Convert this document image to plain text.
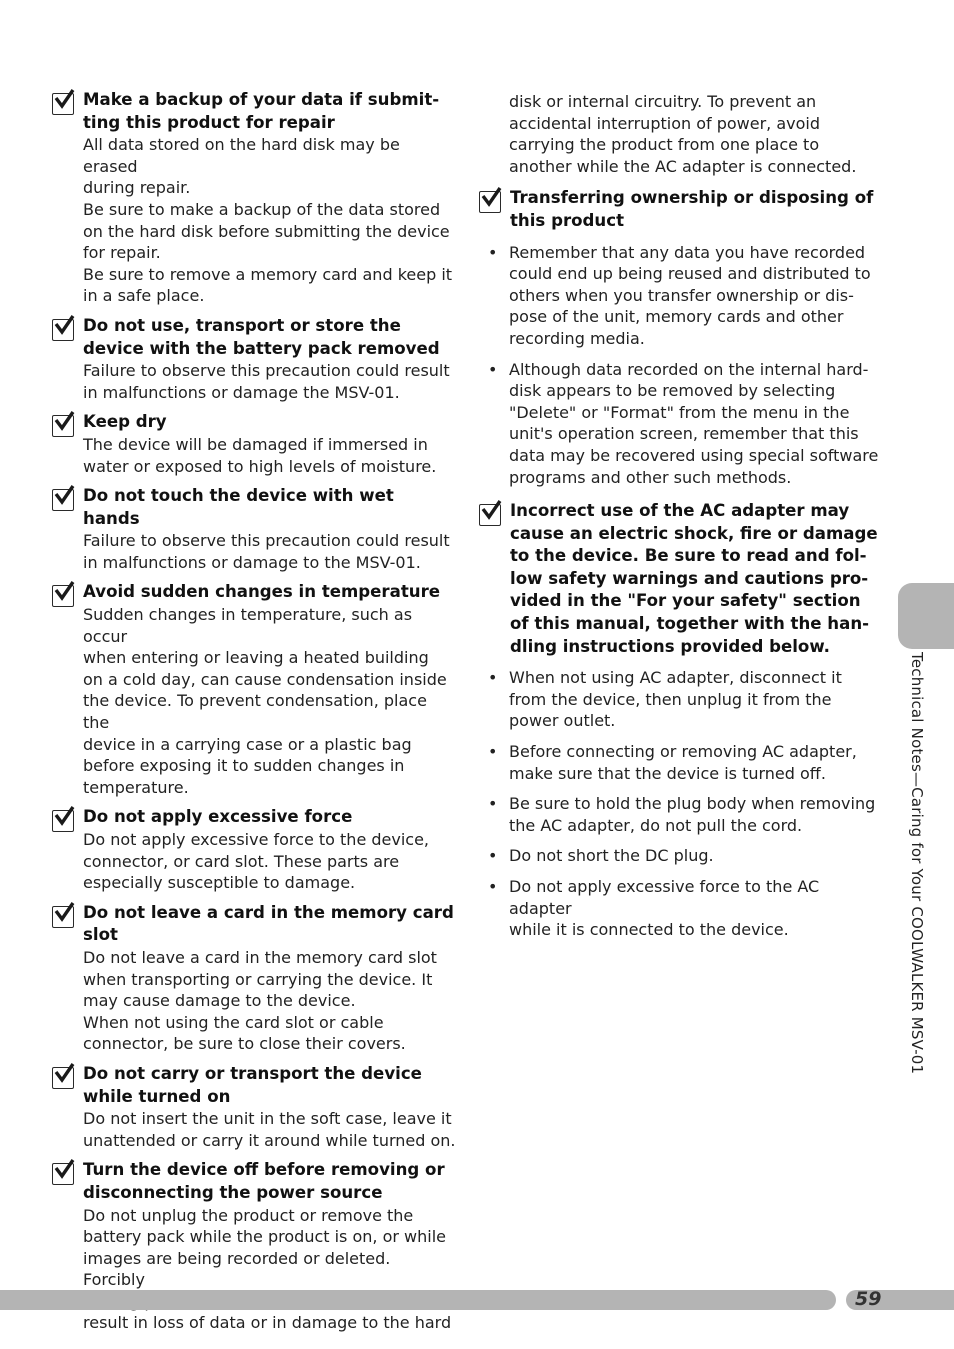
Make a backup of your data if submit-
ting this product for repair
All data stored on the hard disk may be erased
during repair.
Be sure to make a backup of the data stored
on the hard disk before submitting the device
for repair.
Be sure to remove a memory card and keep it
in a safe place.
Do not use, transport or store the
device with the battery pack removed
Failure to observe this precaution could result
in malfunctions or damage the MSV-01.
Keep dry
The device will be damaged if immersed in
water or exposed to high levels of moisture.
Do not touch the device with wet
hands
Failure to observe this precaution could result
in malfunctions or damage to the MSV-01.
Avoid sudden changes in temperature
Sudden changes in temperature, such as occur
when entering or leaving a heated building
on a cold day, can cause condensation inside
the device. To prevent condensation, place the
device in a carrying case or a plastic bag
before exposing it to sudden changes in
temperature.
Do not apply excessive force
Do not apply excessive force to the device,
connector, or card slot. These parts are
especially susceptible to damage.
Do not leave a card in the memory card
slot
Do not leave a card in the memory card slot
when transporting or carrying the device. It
may cause damage to the device.
When not using the card slot or cable
connector, be sure to close their covers.
Do not carry or transport the device
while turned on
Do not insert the unit in the soft case, leave it
unattended or carry it around while turned on.
Turn the device off before removing or
disconnecting the power source
Do not unplug the product or remove the
battery pack while the product is on, or while
images are being recorded or deleted. Forcibly

result in loss of data or in damage to the hard
disk or internal circuitry. To prevent an
accidental interruption of power, avoid
carrying the product from one place to
another while the AC adapter is connected.
Transferring ownership or disposing of
this product
• Remember that any data you have recorded
could end up being reused and distributed to
others when you transfer ownership or dis-
pose of the unit, memory cards and other
recording media.
• Although data recorded on the internal hard-
disk appears to be removed by selecting
"Delete" or "Format" from the menu in the
unit's operation screen, remember that this
data may be recovered using special software
programs and other such methods.
Incorrect use of the AC adapter may
cause an electric shock, fire or damage
to the device. Be sure to read and fol-
low safety warnings and cautions pro-
vided in the "For your safety" section
of this manual, together with the han-
dling instructions provided below.
• When not using AC adapter, disconnect it
from the device, then unplug it from the
power outlet.
• Before connecting or removing AC adapter,
make sure that the device is turned off.
• Be sure to hold the plug body when removing
the AC adapter, do not pull the cord.
• Do not short the DC plug.
• Do not apply excessive force to the AC adapter
while it is connected to the device.	Technical Notes—Caring for Your COOLWALKER MSV-01
59
